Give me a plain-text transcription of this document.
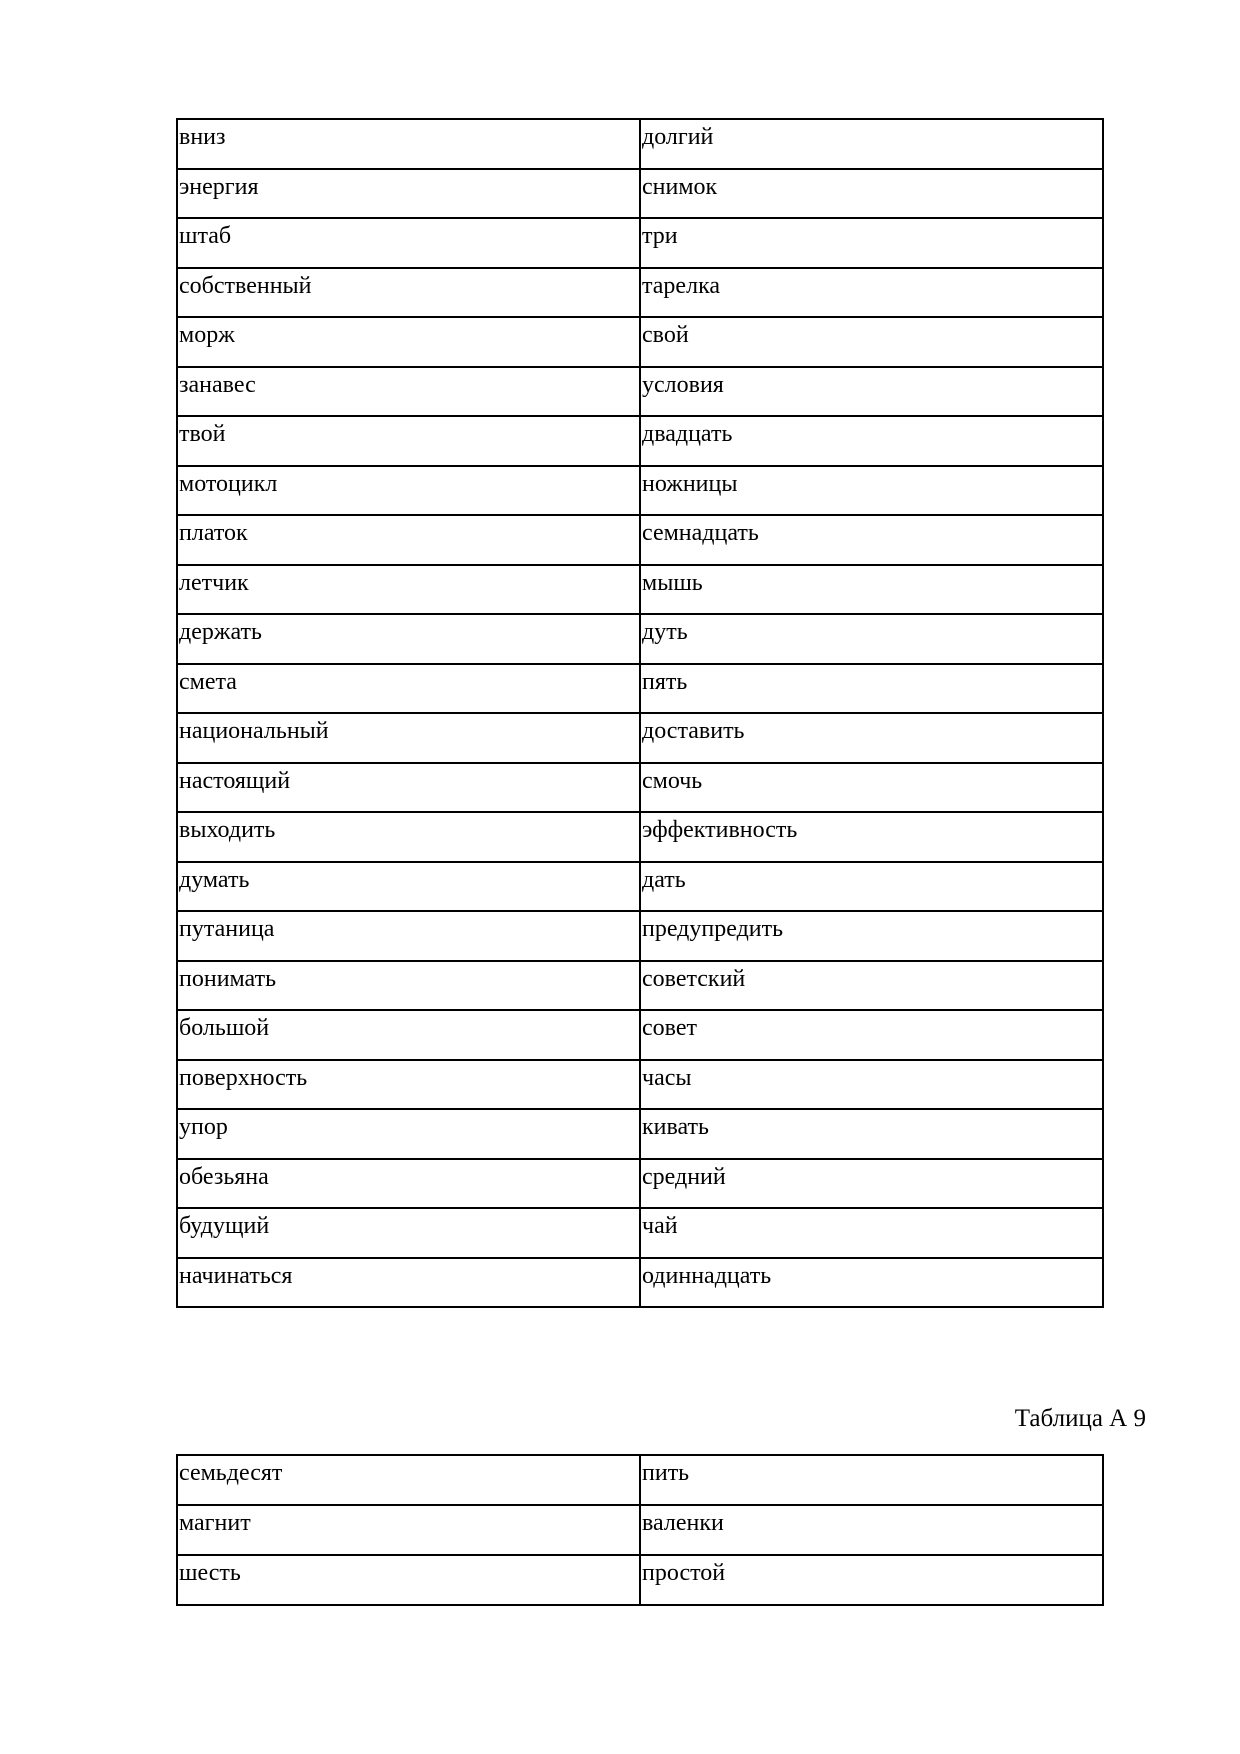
вниз	долгий
энергия	снимок
штаб	три
собственный	тарелка
морж	свой
занавес	условия
твой	двадцать
мотоцикл	ножницы
платок	семнадцать
летчик	мышь
держать	дуть
смета	пять
национальный	доставить
настоящий	смочь
выходить	эффективность
думать	дать
путаница	предупредить
понимать	советский
большой	совет
поверхность	часы
упор	кивать
обезьяна	средний
будущий	чай
начинаться	одиннадцать
Таблица А 9
семьдесят	пить
магнит	валенки
шесть	простой
